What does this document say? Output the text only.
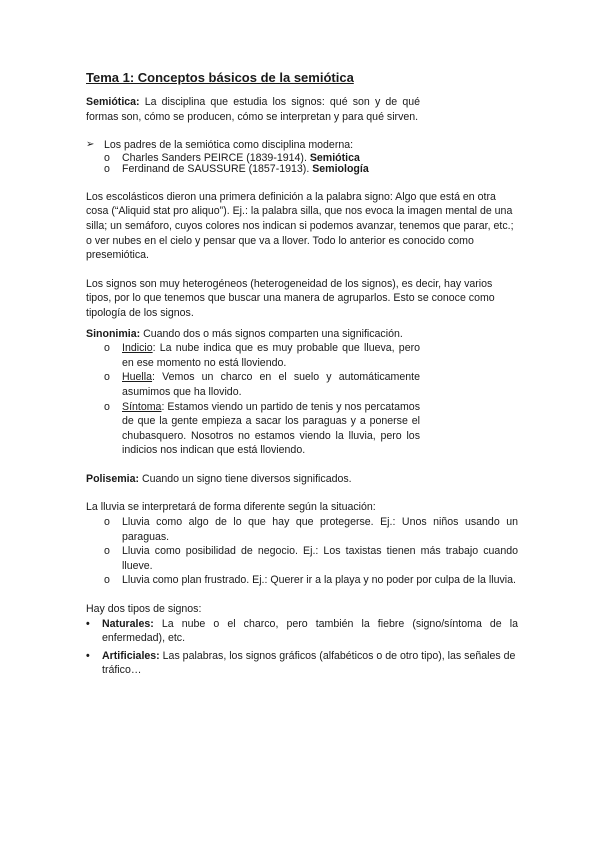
Tema 1: Conceptos básicos de la semiótica

Semiótica: La disciplina que estudia los signos: qué son y de qué formas son, cómo se producen, cómo se interpretan y para qué sirven.

➢ Los padres de la semiótica como disciplina moderna:
o	Charles Sanders PEIRCE (1839-1914). Semiótica
o	Ferdinand de SAUSSURE (1857-1913). Semiología

Los escolásticos dieron una primera definición a la palabra signo: Algo que está en otra cosa (“Aliquid stat pro aliquo”). Ej.: la palabra silla, que nos evoca la imagen mental de una silla; un semáforo, cuyos colores nos indican si podemos avanzar, tenemos que parar, etc.; o ver nubes en el cielo y pensar que va a llover. Todo lo anterior es conocido como presemiótica.

Los signos son muy heterogéneos (heterogeneidad de los signos), es decir, hay varios tipos, por lo que tenemos que buscar una manera de agruparlos. Esto se conoce como tipología de los signos.

Sinonimia: Cuando dos o más signos comparten una significación.

o	Indicio: La nube indica que es muy probable que llueva, pero en ese momento no está lloviendo.
o	Huella: Vemos un charco en el suelo y automáticamente asumimos que ha llovido.
o	Síntoma: Estamos viendo un partido de tenis y nos percatamos de que la gente empieza a sacar los paraguas y a ponerse el chubasquero. Nosotros no estamos viendo la lluvia, pero los indicios nos indican que está lloviendo.

Polisemia: Cuando un signo tiene diversos significados.

La lluvia se interpretará de forma diferente según la situación:

o	Lluvia como algo de lo que hay que protegerse. Ej.: Unos niños usando un paraguas.
o	Lluvia como posibilidad de negocio. Ej.: Los taxistas tienen más trabajo cuando llueve.
o	Lluvia como plan frustrado. Ej.: Querer ir a la playa y no poder por culpa de la lluvia.

Hay dos tipos de signos:

•	Naturales: La nube o el charco, pero también la fiebre (signo/síntoma de la enfermedad), etc.
•	Artificiales: Las palabras, los signos gráficos (alfabéticos o de otro tipo), las señales de tráfico…
